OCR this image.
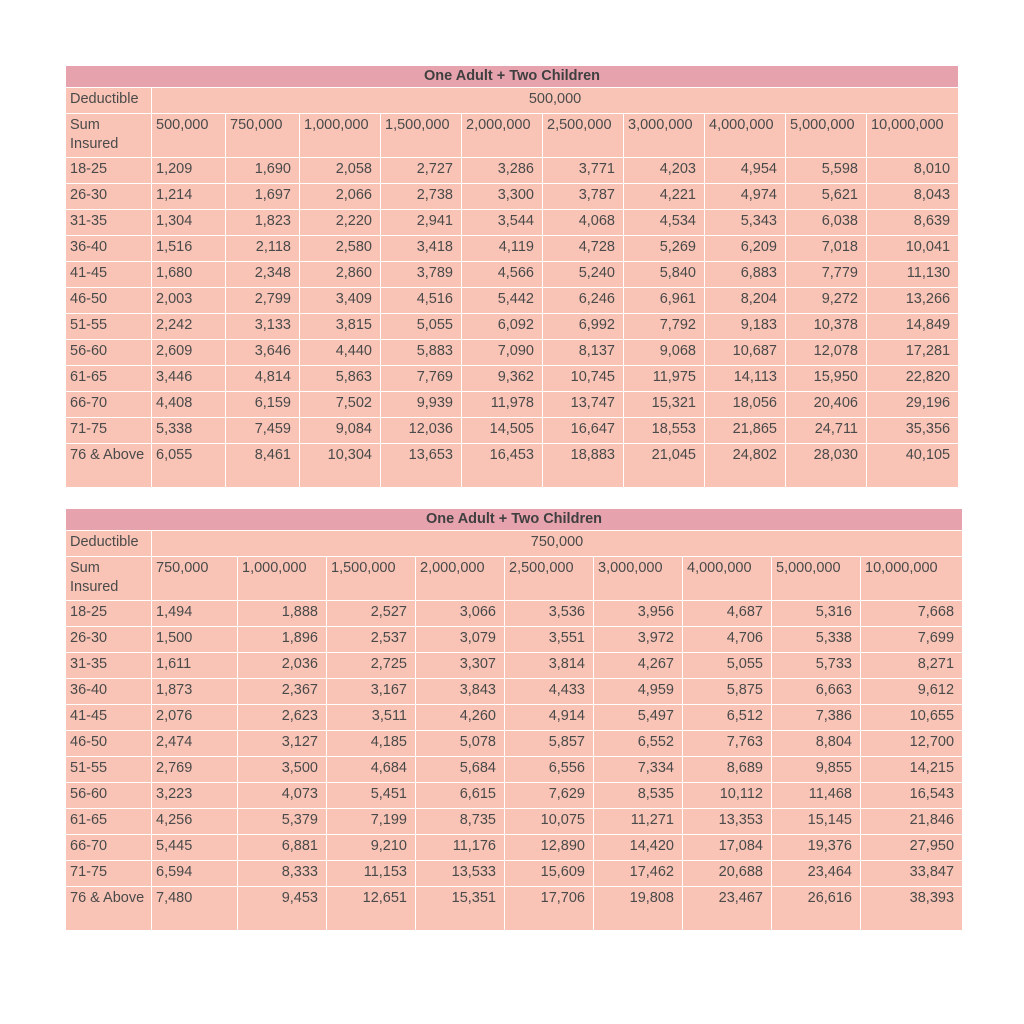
One Adult + Two Children										
Deductible	500,000									
Sum Insured	500,000	750,000	1,000,000	1,500,000	2,000,000	2,500,000	3,000,000	4,000,000	5,000,000	10,000,000
18-25	1,209	1,690	2,058	2,727	3,286	3,771	4,203	4,954	5,598	8,010
26-30	1,214	1,697	2,066	2,738	3,300	3,787	4,221	4,974	5,621	8,043
31-35	1,304	1,823	2,220	2,941	3,544	4,068	4,534	5,343	6,038	8,639
36-40	1,516	2,118	2,580	3,418	4,119	4,728	5,269	6,209	7,018	10,041
41-45	1,680	2,348	2,860	3,789	4,566	5,240	5,840	6,883	7,779	11,130
46-50	2,003	2,799	3,409	4,516	5,442	6,246	6,961	8,204	9,272	13,266
51-55	2,242	3,133	3,815	5,055	6,092	6,992	7,792	9,183	10,378	14,849
56-60	2,609	3,646	4,440	5,883	7,090	8,137	9,068	10,687	12,078	17,281
61-65	3,446	4,814	5,863	7,769	9,362	10,745	11,975	14,113	15,950	22,820
66-70	4,408	6,159	7,502	9,939	11,978	13,747	15,321	18,056	20,406	29,196
71-75	5,338	7,459	9,084	12,036	14,505	16,647	18,553	21,865	24,711	35,356
76 & Above	6,055	8,461	10,304	13,653	16,453	18,883	21,045	24,802	28,030	40,105
One Adult + Two Children									
Deductible	750,000								
Sum Insured	750,000	1,000,000	1,500,000	2,000,000	2,500,000	3,000,000	4,000,000	5,000,000	10,000,000
18-25	1,494	1,888	2,527	3,066	3,536	3,956	4,687	5,316	7,668
26-30	1,500	1,896	2,537	3,079	3,551	3,972	4,706	5,338	7,699
31-35	1,611	2,036	2,725	3,307	3,814	4,267	5,055	5,733	8,271
36-40	1,873	2,367	3,167	3,843	4,433	4,959	5,875	6,663	9,612
41-45	2,076	2,623	3,511	4,260	4,914	5,497	6,512	7,386	10,655
46-50	2,474	3,127	4,185	5,078	5,857	6,552	7,763	8,804	12,700
51-55	2,769	3,500	4,684	5,684	6,556	7,334	8,689	9,855	14,215
56-60	3,223	4,073	5,451	6,615	7,629	8,535	10,112	11,468	16,543
61-65	4,256	5,379	7,199	8,735	10,075	11,271	13,353	15,145	21,846
66-70	5,445	6,881	9,210	11,176	12,890	14,420	17,084	19,376	27,950
71-75	6,594	8,333	11,153	13,533	15,609	17,462	20,688	23,464	33,847
76 & Above	7,480	9,453	12,651	15,351	17,706	19,808	23,467	26,616	38,393
